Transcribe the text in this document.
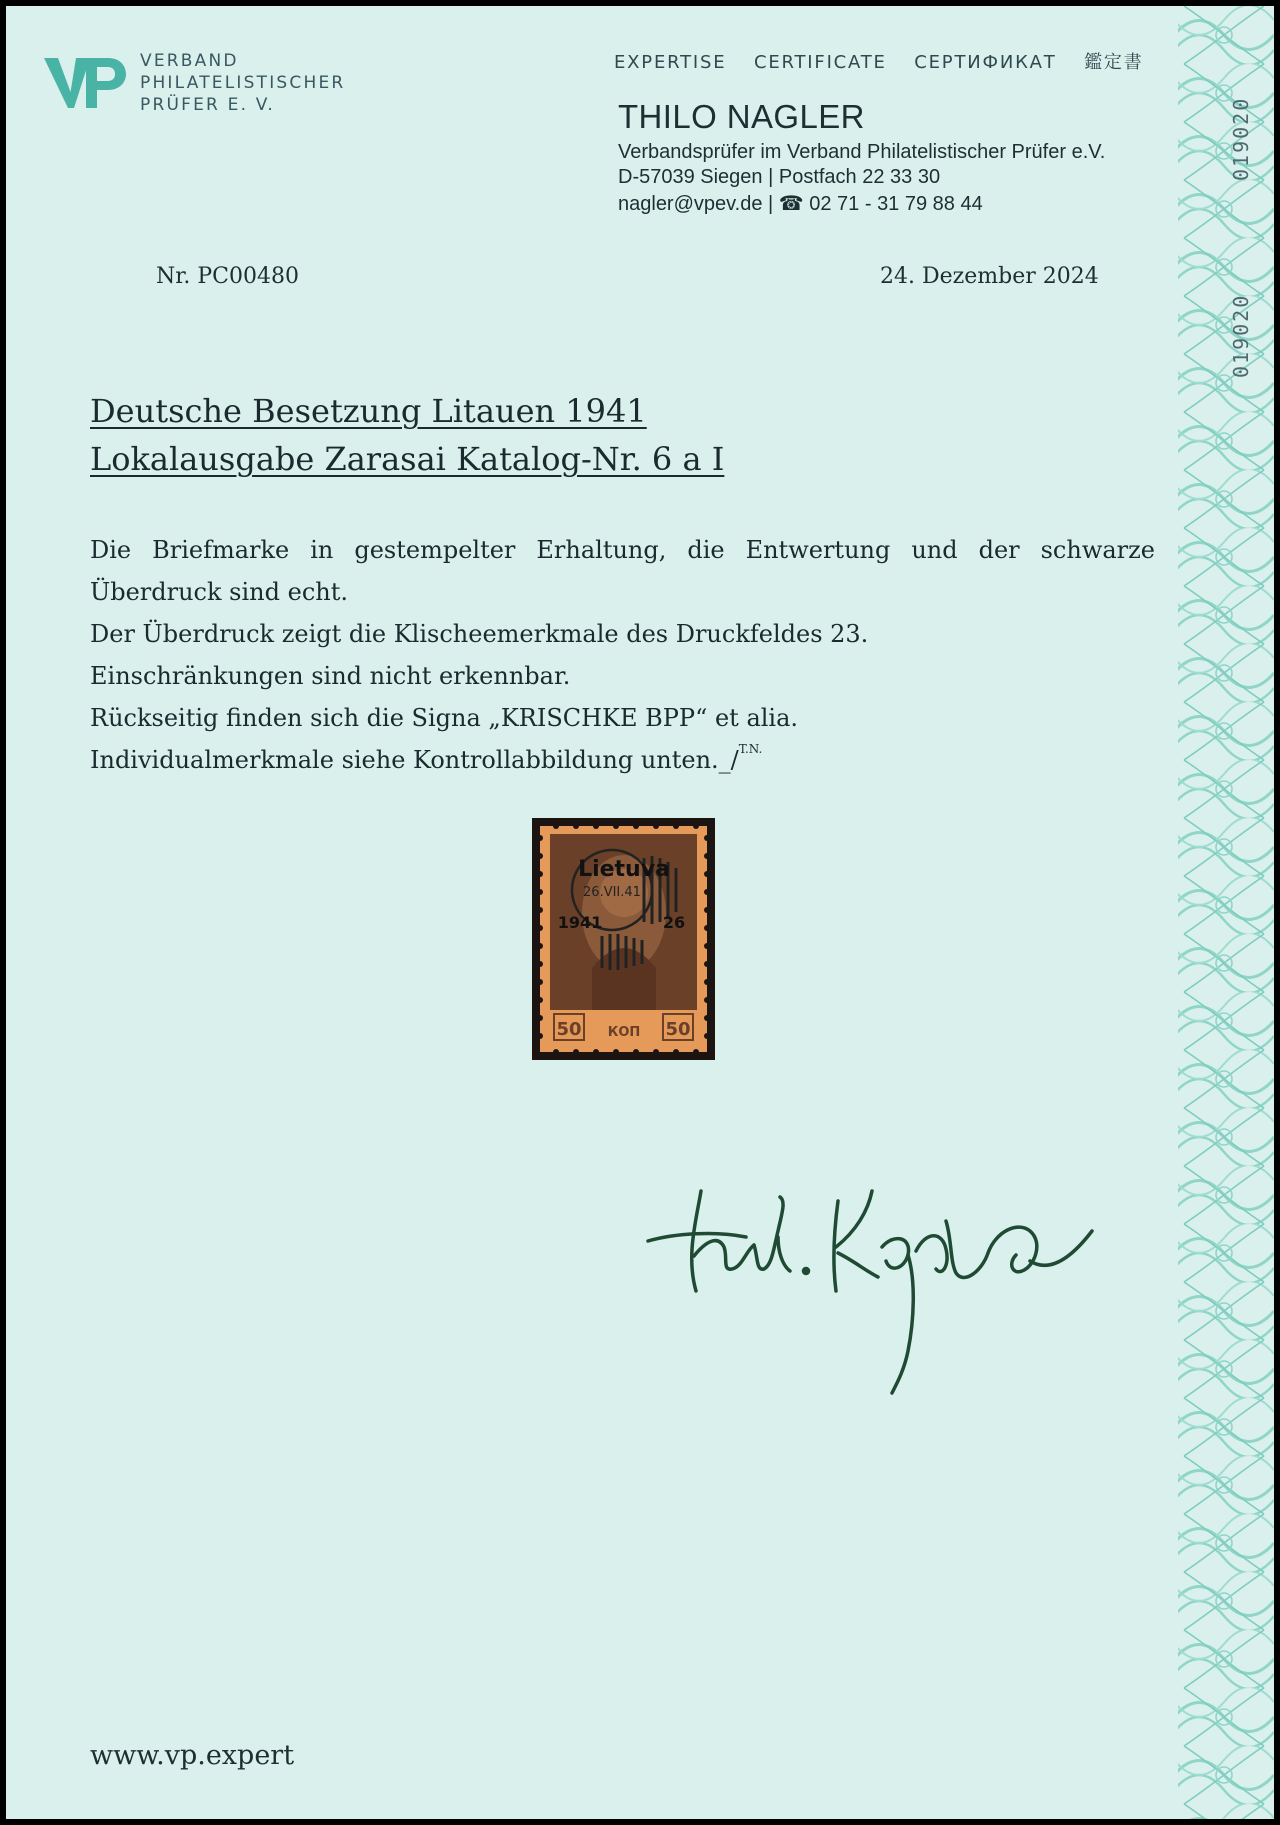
019020
019020
VERBAND
PHILATELISTISCHER
PRÜFER E. V.
EXPERTISE CERTIFICATE СЕРТИФИКАТ 鑑定書
THILO NAGLER
Verbandsprüfer im Verband Philatelistischer Prüfer e.V.
D-57039 Siegen | Postfach 22 33 30
nagler@vpev.de | ☎ 02 71 - 31 79 88 44
Nr. PC00480	24. Dezember 2024
Deutsche Besetzung Litauen 1941
Lokalausgabe Zarasai Katalog-Nr. 6 a I
Die Briefmarke in gestempelter Erhaltung, die Entwertung und der schwarze
Überdruck sind echt.
Der Überdruck zeigt die Klischeemerkmale des Druckfeldes 23.
Einschränkungen sind nicht erkennbar.
Rückseitig finden sich die Signa „KRISCHKE BPP“ et alia.
Individualmerkmale siehe Kontrollabbildung unten._/$^{T.N.}$
50	50
КОП
26.VII.41
Lietuva
1941	26
www.vp.expert
